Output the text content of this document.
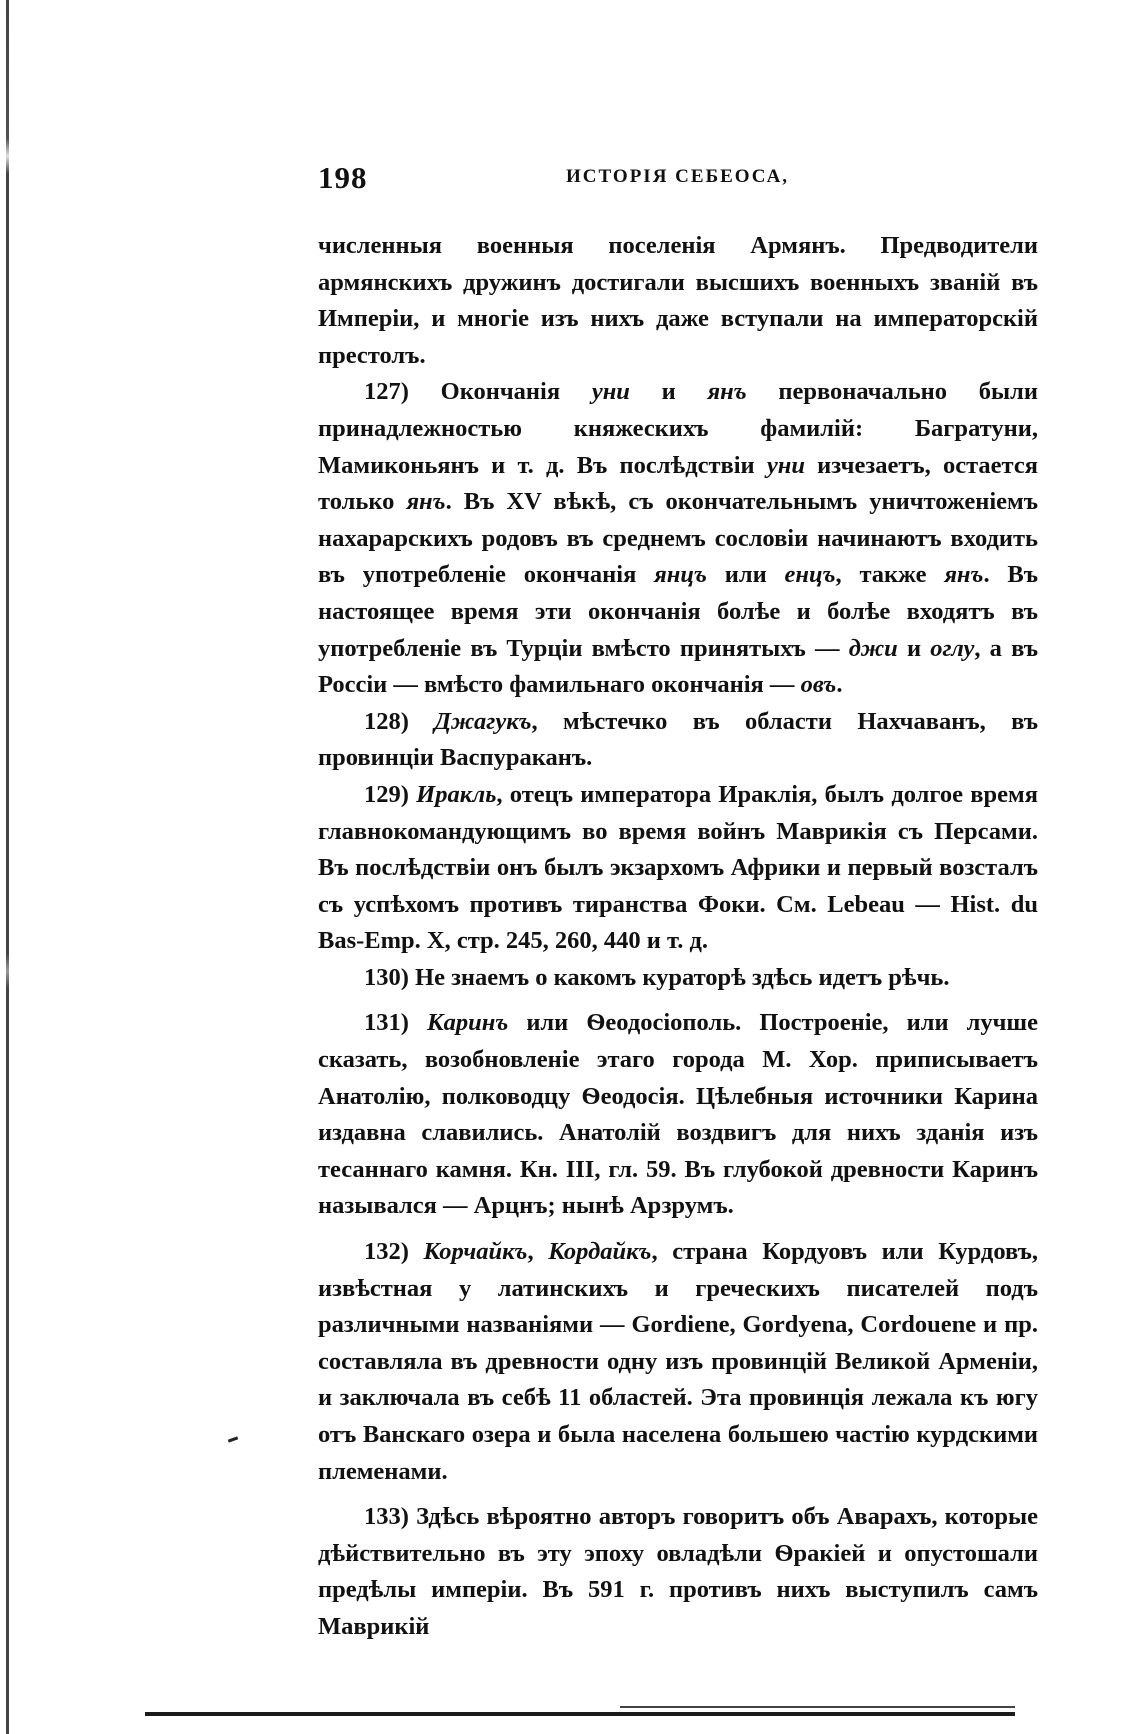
198	ИСТОРІЯ СЕБЕОСА,

численныя военныя поселенія Армянъ. Предводители армянскихъ дружинъ достигали высшихъ военныхъ званій въ Имперіи, и многіе изъ нихъ даже вступали на императорскій престолъ.

127) Окончанія уни и янъ первоначально были принадлежностью княжескихъ фамилій: Багратуни, Мамиконьянъ и т. д. Въ послѣдствіи уни изчезаетъ, остается только янъ. Въ XV вѣкѣ, съ окончательнымъ уничтоженіемъ нахарарскихъ родовъ въ среднемъ сословіи начинаютъ входить въ употребленіе окончанія янцъ или енцъ, также янъ. Въ настоящее время эти окончанія болѣе и болѣе входятъ въ употребленіе въ Турціи вмѣсто принятыхъ — джи и оглу, а въ Россіи — вмѣсто фамильнаго окончанія — овъ.

128) Джагукъ, мѣстечко въ области Нахчаванъ, въ провинціи Васпураканъ.

129) Иракль, отецъ императора Ираклія, былъ долгое время главнокомандующимъ во время войнъ Маврикія съ Персами. Въ послѣдствіи онъ былъ экзархомъ Африки и первый возсталъ съ успѣхомъ противъ тиранства Фоки. См. Lebeau — Hist. du Bas-Emp. X, стр. 245, 260, 440 и т. д.

130) Не знаемъ о какомъ кураторѣ здѣсь идетъ рѣчь.

131) Каринъ или Ѳеодосіополь. Построеніе, или лучше сказать, возобновленіе этаго города М. Хор. приписываетъ Анатолію, полководцу Ѳеодосія. Цѣлебныя источники Карина издавна славились. Анатолій воздвигъ для нихъ зданія изъ тесаннаго камня. Кн. III, гл. 59. Въ глубокой древности Каринъ назывался — Арцнъ; нынѣ Арзрумъ.

132) Корчайкъ, Кордайкъ, страна Кордуовъ или Курдовъ, извѣстная у латинскихъ и греческихъ писателей подъ различными названіями — Gordiene, Gordyena, Cordouene и пр. составляла въ древности одну изъ провинцій Великой Арменіи, и заключала въ себѣ 11 областей. Эта провинція лежала къ югу отъ Ванскаго озера и была населена большею частію курдскими племенами.

133) Здѣсь вѣроятно авторъ говоритъ объ Аварахъ, которые дѣйствительно въ эту эпоху овладѣли Ѳракіей и опустошали предѣлы имперіи. Въ 591 г. противъ нихъ выступилъ самъ Маврикій
